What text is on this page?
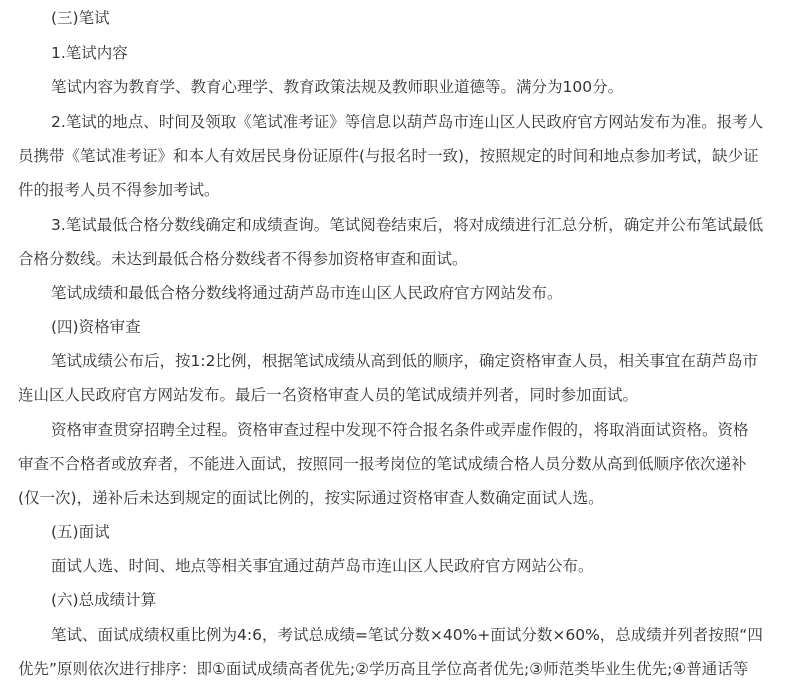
(三)笔试
1.笔试内容
笔试内容为教育学、教育心理学、教育政策法规及教师职业道德等。满分为100分。
2.笔试的地点、时间及领取《笔试准考证》等信息以葫芦岛市连山区人民政府官方网站发布为准。报考人
员携带《笔试准考证》和本人有效居民身份证原件(与报名时一致)，按照规定的时间和地点参加考试，缺少证
件的报考人员不得参加考试。
3.笔试最低合格分数线确定和成绩查询。笔试阅卷结束后，将对成绩进行汇总分析，确定并公布笔试最低
合格分数线。未达到最低合格分数线者不得参加资格审查和面试。
笔试成绩和最低合格分数线将通过葫芦岛市连山区人民政府官方网站发布。
(四)资格审查
笔试成绩公布后，按1:2比例，根据笔试成绩从高到低的顺序，确定资格审查人员，相关事宜在葫芦岛市
连山区人民政府官方网站发布。最后一名资格审查人员的笔试成绩并列者，同时参加面试。
资格审查贯穿招聘全过程。资格审查过程中发现不符合报名条件或弄虚作假的，将取消面试资格。资格
审查不合格者或放弃者，不能进入面试，按照同一报考岗位的笔试成绩合格人员分数从高到低顺序依次递补
(仅一次)，递补后未达到规定的面试比例的，按实际通过资格审查人数确定面试人选。
(五)面试
面试人选、时间、地点等相关事宜通过葫芦岛市连山区人民政府官方网站公布。
(六)总成绩计算
笔试、面试成绩权重比例为4:6，考试总成绩=笔试分数×40%+面试分数×60%，总成绩并列者按照“四
优先”原则依次进行排序：即①面试成绩高者优先;②学历高且学位高者优先;③师范类毕业生优先;④普通话等
